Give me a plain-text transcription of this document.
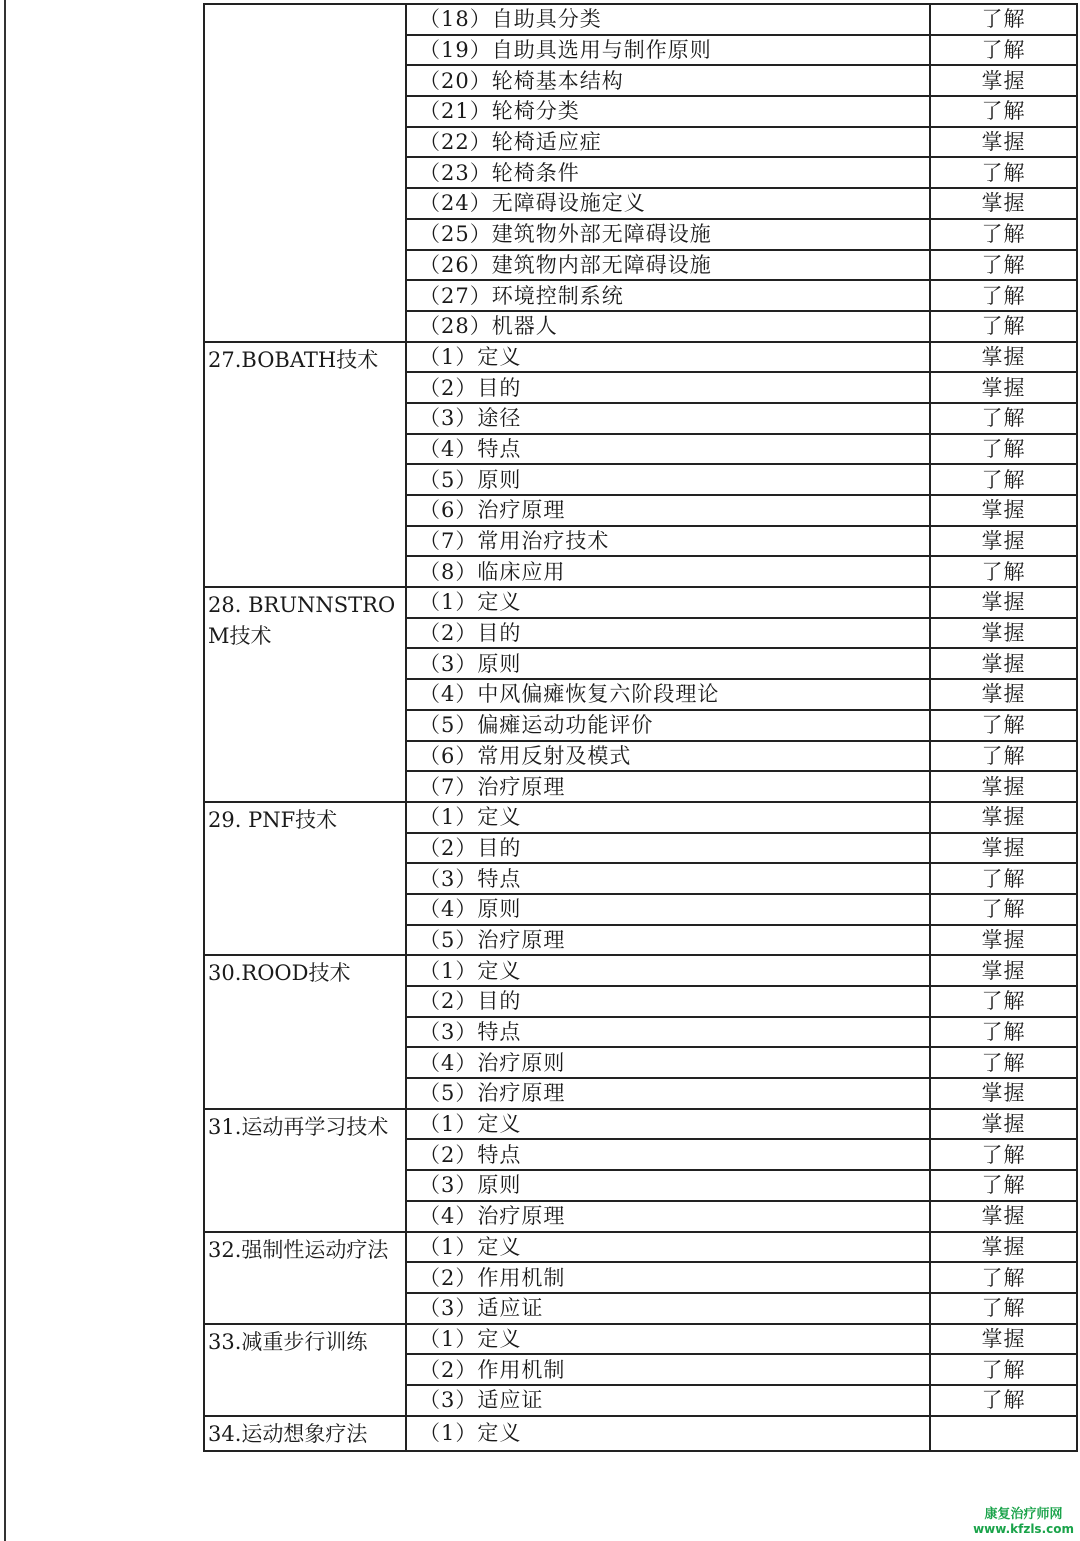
	（18）自助具分类	了解
	（19）自助具选用与制作原则	了解
	（20）轮椅基本结构	掌握
	（21）轮椅分类	了解
	（22）轮椅适应症	掌握
	（23）轮椅条件	了解
	（24）无障碍设施定义	掌握
	（25）建筑物外部无障碍设施	了解
	（26）建筑物内部无障碍设施	了解
	（27）环境控制系统	了解
	（28）机器人	了解
27.BOBATH技术	（1）定义	掌握
	（2）目的	掌握
	（3）途径	了解
	（4）特点	了解
	（5）原则	了解
	（6）治疗原理	掌握
	（7）常用治疗技术	掌握
	（8）临床应用	了解
28. BRUNNSTROM技术	（1）定义	掌握
	（2）目的	掌握
	（3）原则	掌握
	（4）中风偏瘫恢复六阶段理论	掌握
	（5）偏瘫运动功能评价	了解
	（6）常用反射及模式	了解
	（7）治疗原理	掌握
29. PNF技术	（1）定义	掌握
	（2）目的	掌握
	（3）特点	了解
	（4）原则	了解
	（5）治疗原理	掌握
30.ROOD技术	（1）定义	掌握
	（2）目的	了解
	（3）特点	了解
	（4）治疗原则	了解
	（5）治疗原理	掌握
31.运动再学习技术	（1）定义	掌握
	（2）特点	了解
	（3）原则	了解
	（4）治疗原理	掌握
32.强制性运动疗法	（1）定义	掌握
	（2）作用机制	了解
	（3）适应证	了解
33.减重步行训练	（1）定义	掌握
	（2）作用机制	了解
	（3）适应证	了解
34.运动想象疗法	（1）定义	
康复治疗师网
www.kfzls.com
